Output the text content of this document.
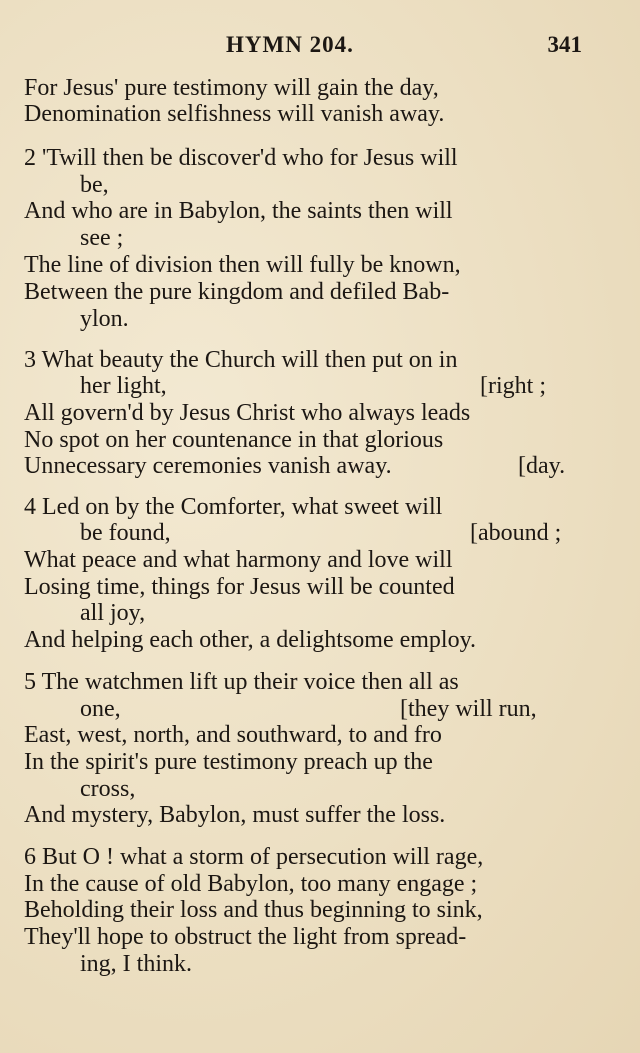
HYMN 204.	341
For Jesus' pure testimony will gain the day,
Denomination selfishness will vanish away.
2 'Twill then be discover'd who for Jesus will
be,
And who are in Babylon, the saints then will
see ;
The line of division then will fully be known,
Between the pure kingdom and defiled Bab-
ylon.
3 What beauty the Church will then put on in
her light,	[right ;
All govern'd by Jesus Christ who always leads
No spot on her countenance in that glorious
Unnecessary ceremonies vanish away.	[day.
4 Led on by the Comforter, what sweet will
be found,	[abound ;
What peace and what harmony and love will
Losing time, things for Jesus will be counted
all joy,
And helping each other, a delightsome employ.
5 The watchmen lift up their voice then all as
one,	[they will run,
East, west, north, and southward, to and fro
In the spirit's pure testimony preach up the
cross,
And mystery, Babylon, must suffer the loss.
6 But O ! what a storm of persecution will rage,
In the cause of old Babylon, too many engage ;
Beholding their loss and thus beginning to sink,
They'll hope to obstruct the light from spread-
ing, I think.
